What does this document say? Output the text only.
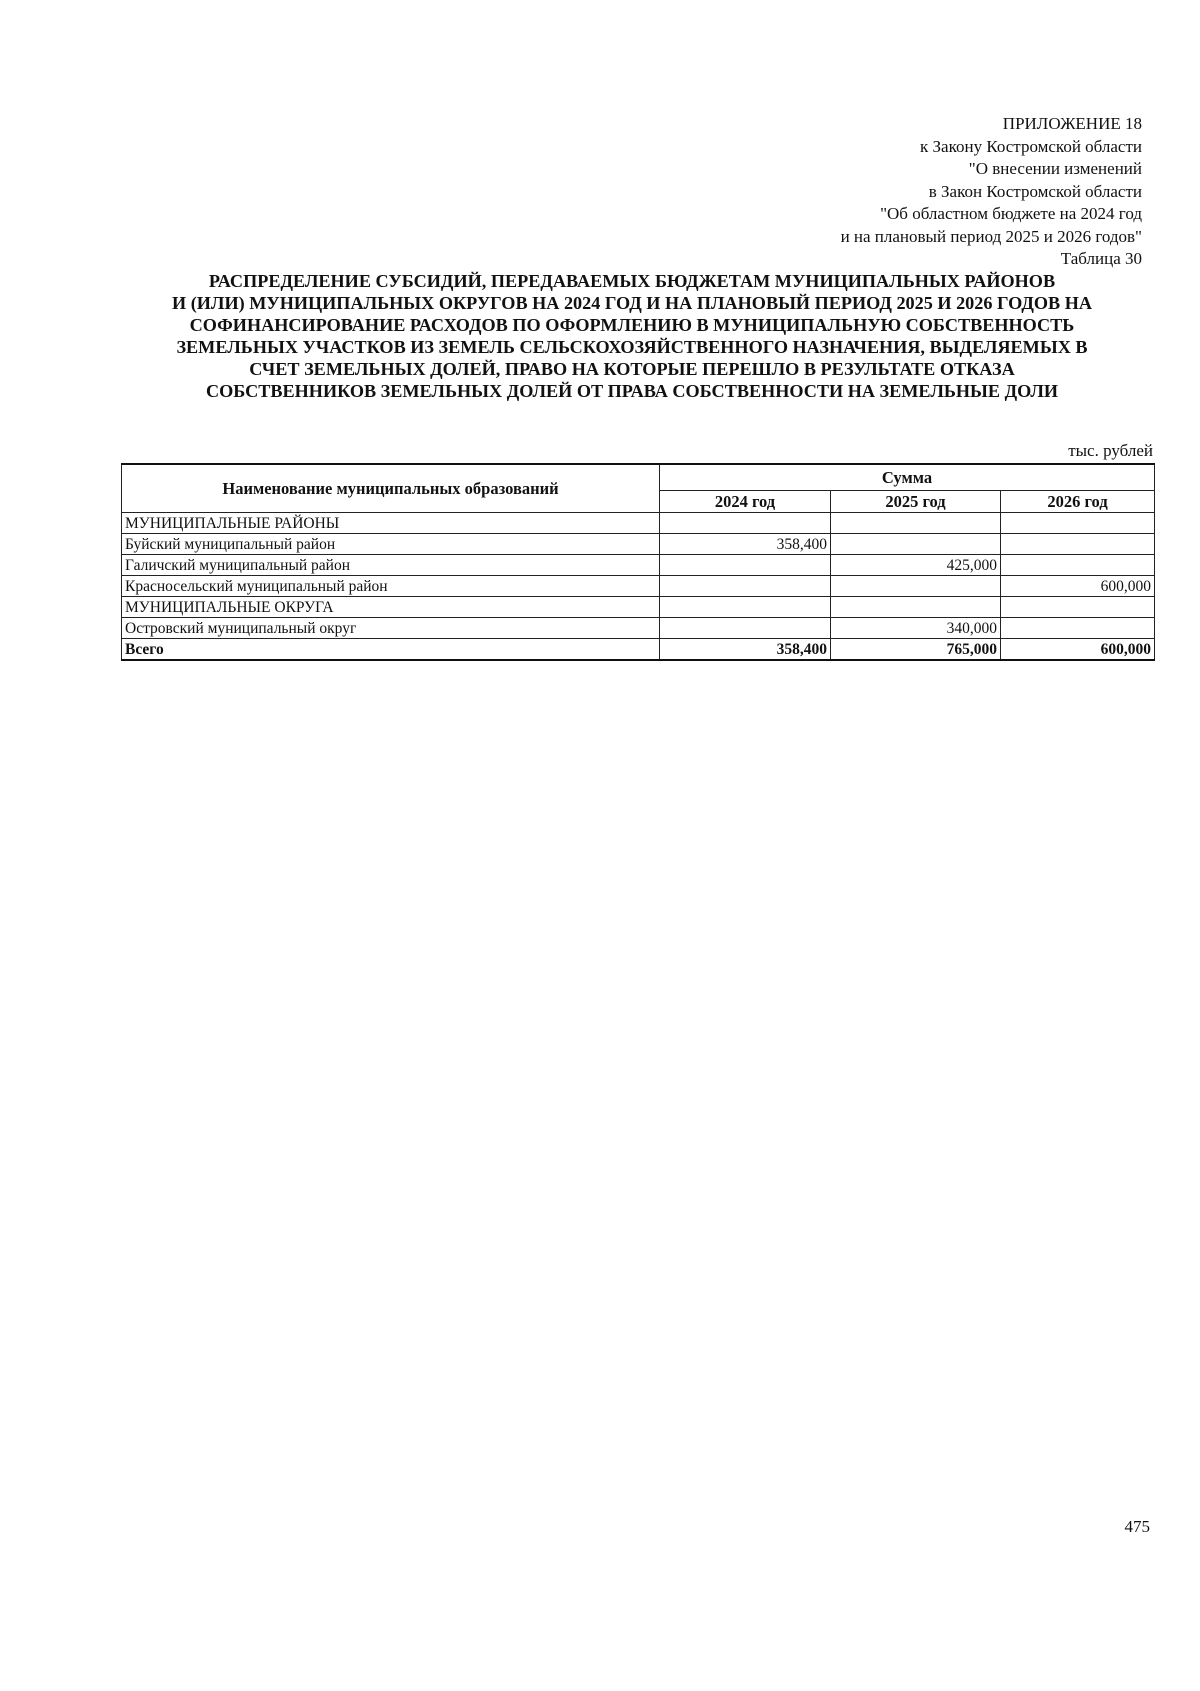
ПРИЛОЖЕНИЕ 18
к Закону Костромской области
"О внесении изменений
в Закон Костромской области
"Об областном бюджете на 2024 год
и на плановый период 2025 и 2026 годов"
Таблица 30
РАСПРЕДЕЛЕНИЕ СУБСИДИЙ, ПЕРЕДАВАЕМЫХ БЮДЖЕТАМ МУНИЦИПАЛЬНЫХ РАЙОНОВ
И (ИЛИ) МУНИЦИПАЛЬНЫХ ОКРУГОВ НА 2024 ГОД И НА ПЛАНОВЫЙ ПЕРИОД 2025 И 2026 ГОДОВ НА
СОФИНАНСИРОВАНИЕ РАСХОДОВ ПО ОФОРМЛЕНИЮ В МУНИЦИПАЛЬНУЮ СОБСТВЕННОСТЬ
ЗЕМЕЛЬНЫХ УЧАСТКОВ ИЗ ЗЕМЕЛЬ СЕЛЬСКОХОЗЯЙСТВЕННОГО НАЗНАЧЕНИЯ, ВЫДЕЛЯЕМЫХ В
СЧЕТ ЗЕМЕЛЬНЫХ ДОЛЕЙ, ПРАВО НА КОТОРЫЕ ПЕРЕШЛО В РЕЗУЛЬТАТЕ ОТКАЗА
СОБСТВЕННИКОВ ЗЕМЕЛЬНЫХ ДОЛЕЙ ОТ ПРАВА СОБСТВЕННОСТИ НА ЗЕМЕЛЬНЫЕ ДОЛИ
тыс. рублей
Наименование муниципальных образований	Сумма		
	2024 год	2025 год	2026 год
МУНИЦИПАЛЬНЫЕ РАЙОНЫ			
Буйский муниципальный район	358,400		
Галичский муниципальный район		425,000	
Красносельский муниципальный район			600,000
МУНИЦИПАЛЬНЫЕ ОКРУГА			
Островский муниципальный округ		340,000	
Всего	358,400	765,000	600,000
475
